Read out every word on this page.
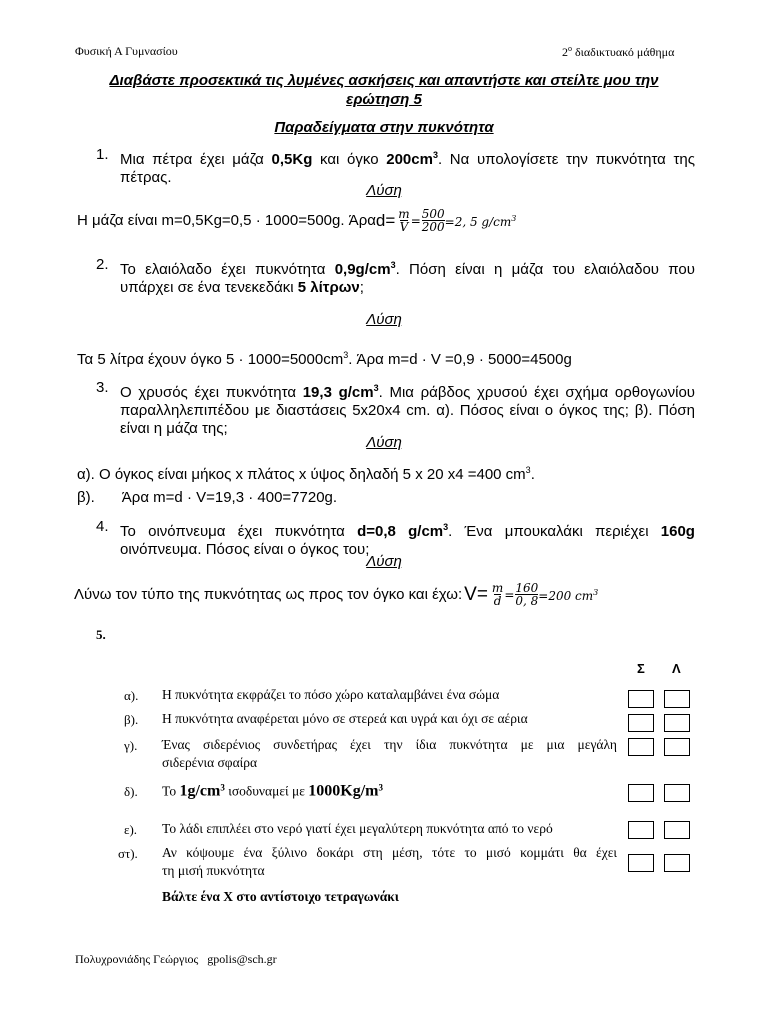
Φυσική Α Γυμνασίου	$2^o$ διαδικτυακό μάθημα
Διαβάστε προσεκτικά τις λυμένες ασκήσεις και απαντήστε και στείλτε μου την
ερώτηση 5
Παραδείγματα στην πυκνότητα
1. Μια πέτρα έχει μάζα 0,5Kg και όγκο $200cm^3$. Να υπολογίσετε την πυκνότητα της
πέτρας.
Λύση
Η μάζα είναι m=0,5Kg=0,5 · 1000=500g. Άρα $d= \frac{m}{V} = \frac{500}{200} =2$, 5 $g/cm^3$
2. Το ελαιόλαδο έχει πυκνότητα $0,9g/cm^3$. Πόση είναι η μάζα του ελαιόλαδου που
υπάρχει σε ένα τενεκεδάκι 5 λίτρων;
Λύση
Τα 5 λίτρα έχουν όγκο $5 \cdot 1000=5000cm^3$. Άρα m=d · V =0,9 · 5000=4500g
3. Ο χρυσός έχει πυκνότητα 19,3 $g/cm^3$. Μια ράβδος χρυσού έχει σχήμα ορθογωνίου
παραλληλεπιπέδου με διαστάσεις 5x20x4 cm. α). Πόσος είναι ο όγκος της; β). Πόση
είναι η μάζα της;
Λύση
α). Ο όγκος είναι μήκος x πλάτος x ύψος δηλαδή 5 x 20 x4 =400 $cm^3$.
β). Άρα m=d · V=19,3 · 400=7720g.
4. Το οινόπνευμα έχει πυκνότητα d=0,8 $g/cm^3$. Ένα μπουκαλάκι περιέχει 160g
οινόπνευμα. Πόσος είναι ο όγκος του;
Λύση
Λύνω τον τύπο της πυκνότητας ως προς τον όγκο και έχω: $V= \frac{m}{d} = \frac{160}{0, 8} =200$ $cm^3$
5.
Σ Λ
α). Η πυκνότητα εκφράζει το πόσο χώρο καταλαμβάνει ένα σώμα
β). Η πυκνότητα αναφέρεται μόνο σε στερεά και υγρά και όχι σε αέρια
γ). Ένας σιδερένιος συνδετήρας έχει την ίδια πυκνότητα με μια μεγάλη
σιδερένια σφαίρα
δ). Το $1g/cm^3$ ισοδυναμεί με $1000Kg/m^3$
ε). Το λάδι επιπλέει στο νερό γιατί έχει μεγαλύτερη πυκνότητα από το νερό
στ). Αν κόψουμε ένα ξύλινο δοκάρι στη μέση, τότε το μισό κομμάτι θα έχει
τη μισή πυκνότητα
Βάλτε ένα Χ στο αντίστοιχο τετραγωνάκι
Πολυχρονιάδης Γεώργιος gpolis@sch.gr
